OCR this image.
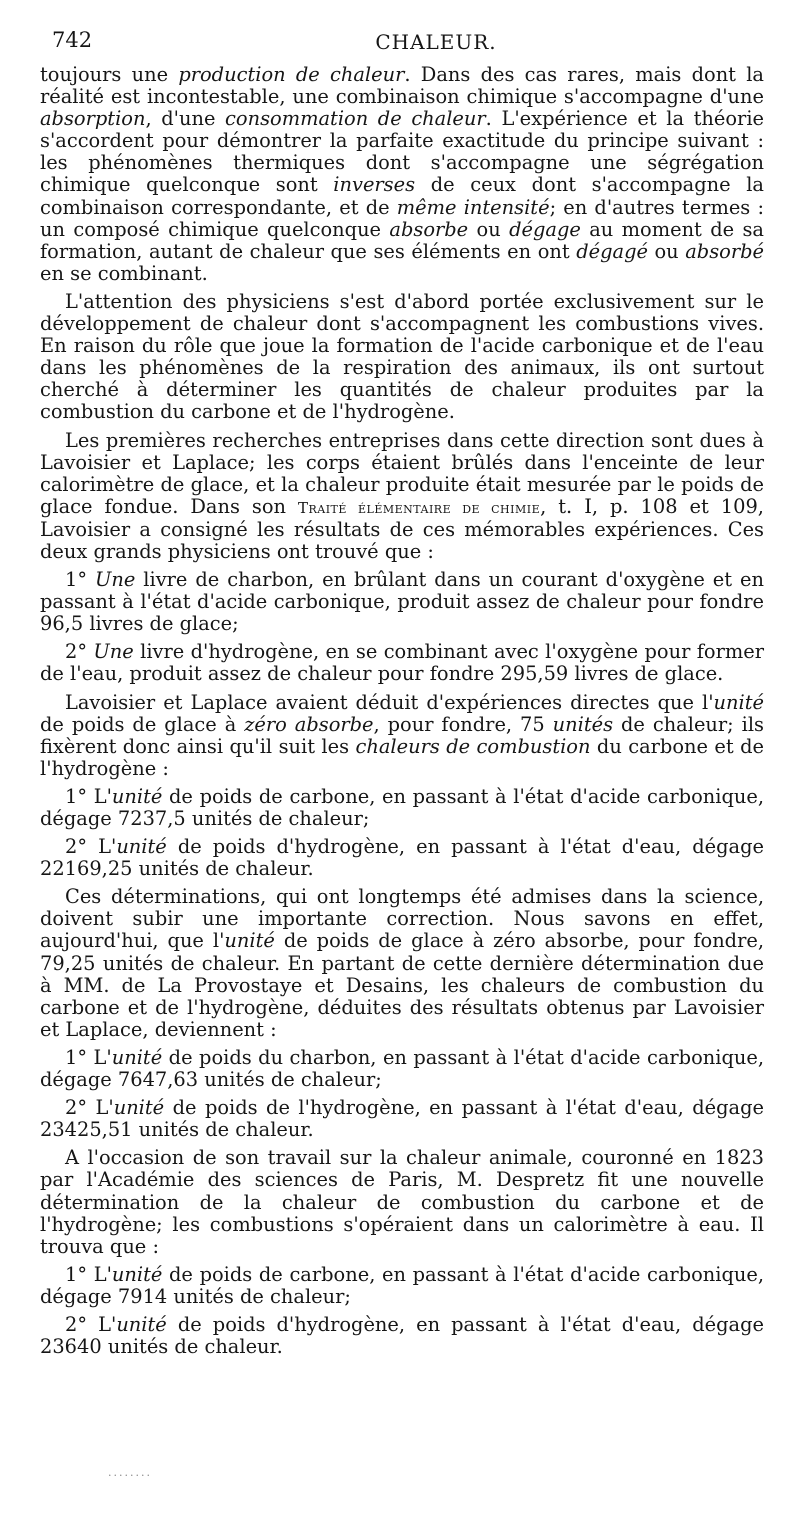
742	CHALEUR.

toujours une production de chaleur. Dans des cas rares, mais dont la réalité est incontestable, une combinaison chimique s'accompagne d'une absorption, d'une consommation de chaleur. L'expérience et la théorie s'accordent pour démontrer la parfaite exactitude du principe suivant : les phénomènes thermiques dont s'accompagne une ségrégation chimique quelconque sont inverses de ceux dont s'accompagne la combinaison correspondante, et de même intensité; en d'autres termes : un composé chimique quelconque absorbe ou dégage au moment de sa formation, autant de chaleur que ses éléments en ont dégagé ou absorbé en se combinant.

L'attention des physiciens s'est d'abord portée exclusivement sur le développement de chaleur dont s'accompagnent les combustions vives. En raison du rôle que joue la formation de l'acide carbonique et de l'eau dans les phénomènes de la respiration des animaux, ils ont surtout cherché à déterminer les quantités de chaleur produites par la combustion du carbone et de l'hydrogène.

Les premières recherches entreprises dans cette direction sont dues à Lavoisier et Laplace; les corps étaient brûlés dans l'enceinte de leur calorimètre de glace, et la chaleur produite était mesurée par le poids de glace fondue. Dans son Traité élémentaire de chimie, t. I, p. 108 et 109, Lavoisier a consigné les résultats de ces mémorables expériences. Ces deux grands physiciens ont trouvé que :

1° Une livre de charbon, en brûlant dans un courant d'oxygène et en passant à l'état d'acide carbonique, produit assez de chaleur pour fondre 96,5 livres de glace;

2° Une livre d'hydrogène, en se combinant avec l'oxygène pour former de l'eau, produit assez de chaleur pour fondre 295,59 livres de glace.

Lavoisier et Laplace avaient déduit d'expériences directes que l'unité de poids de glace à zéro absorbe, pour fondre, 75 unités de chaleur; ils fixèrent donc ainsi qu'il suit les chaleurs de combustion du carbone et de l'hydrogène :

1° L'unité de poids de carbone, en passant à l'état d'acide carbonique, dégage 7237,5 unités de chaleur;

2° L'unité de poids d'hydrogène, en passant à l'état d'eau, dégage 22169,25 unités de chaleur.

Ces déterminations, qui ont longtemps été admises dans la science, doivent subir une importante correction. Nous savons en effet, aujourd'hui, que l'unité de poids de glace à zéro absorbe, pour fondre, 79,25 unités de chaleur. En partant de cette dernière détermination due à MM. de La Provostaye et Desains, les chaleurs de combustion du carbone et de l'hydrogène, déduites des résultats obtenus par Lavoisier et Laplace, deviennent :

1° L'unité de poids du charbon, en passant à l'état d'acide carbonique, dégage 7647,63 unités de chaleur;

2° L'unité de poids de l'hydrogène, en passant à l'état d'eau, dégage 23425,51 unités de chaleur.

A l'occasion de son travail sur la chaleur animale, couronné en 1823 par l'Académie des sciences de Paris, M. Despretz fit une nouvelle détermination de la chaleur de combustion du carbone et de l'hydrogène; les combustions s'opéraient dans un calorimètre à eau. Il trouva que :

1° L'unité de poids de carbone, en passant à l'état d'acide carbonique, dégage 7914 unités de chaleur;

2° L'unité de poids d'hydrogène, en passant à l'état d'eau, dégage 23640 unités de chaleur.

........
